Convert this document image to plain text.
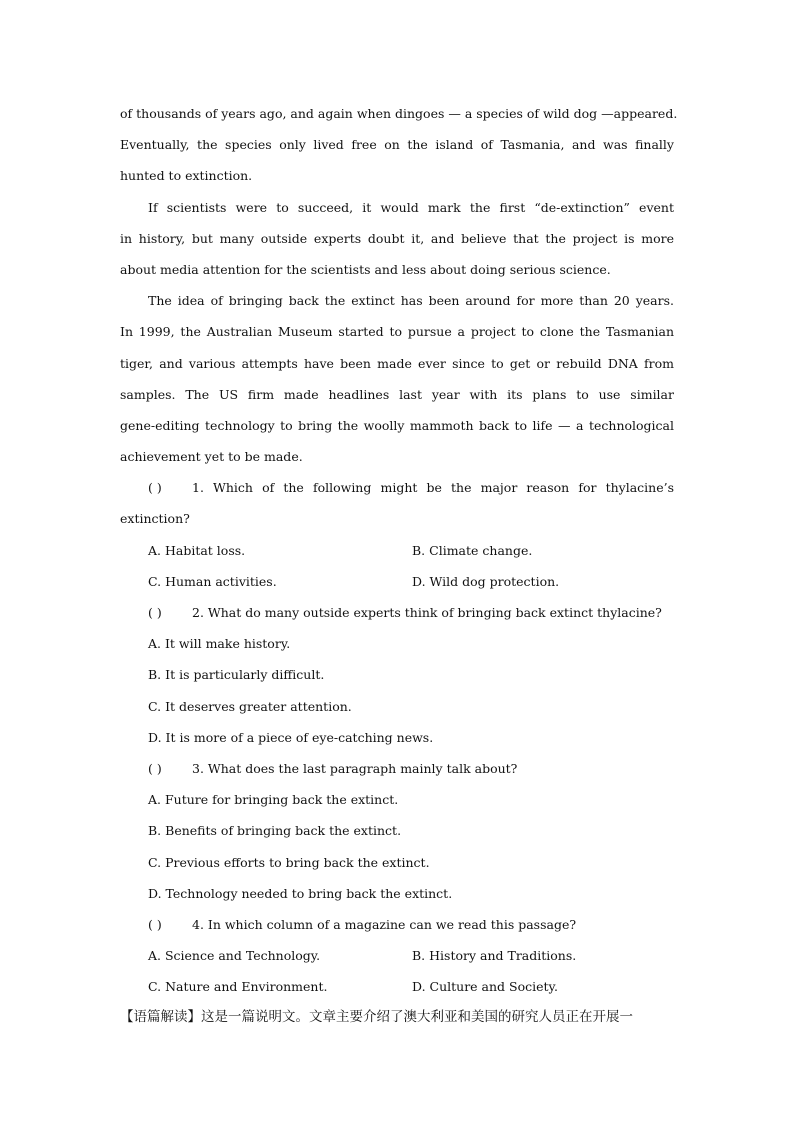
of thousands of years ago, and again when dingoes — a species of wild dog —appeared.
Eventually, the species only lived free on the island of Tasmania, and was finally
hunted to extinction.
If scientists were to succeed, it would mark the first “de-extinction” event
in history, but many outside experts doubt it, and believe that the project is more
about media attention for the scientists and less about doing serious science.
The idea of bringing back the extinct has been around for more than 20 years.
In 1999, the Australian Museum started to pursue a project to clone the Tasmanian
tiger, and various attempts have been made ever since to get or rebuild DNA from
samples. The US firm made headlines last year with its plans to use similar
gene-editing technology to bring the woolly mammoth back to life — a technological
achievement yet to be made.
( )	1. Which of the following might be the major reason for thylacine’s
extinction?
A. Habitat loss.	B. Climate change.
C. Human activities.	D. Wild dog protection.
( )	2. What do many outside experts think of bringing back extinct thylacine?
A. It will make history.
B. It is particularly difficult.
C. It deserves greater attention.
D. It is more of a piece of eye-catching news.
( )	3. What does the last paragraph mainly talk about?
A. Future for bringing back the extinct.
B. Benefits of bringing back the extinct.
C. Previous efforts to bring back the extinct.
D. Technology needed to bring back the extinct.
( )	4. In which column of a magazine can we read this passage?
A. Science and Technology.	B. History and Traditions.
C. Nature and Environment.	D. Culture and Society.
【语篇解读】这是一篇说明文。文章主要介绍了澳大利亚和美国的研究人员正在开展一
